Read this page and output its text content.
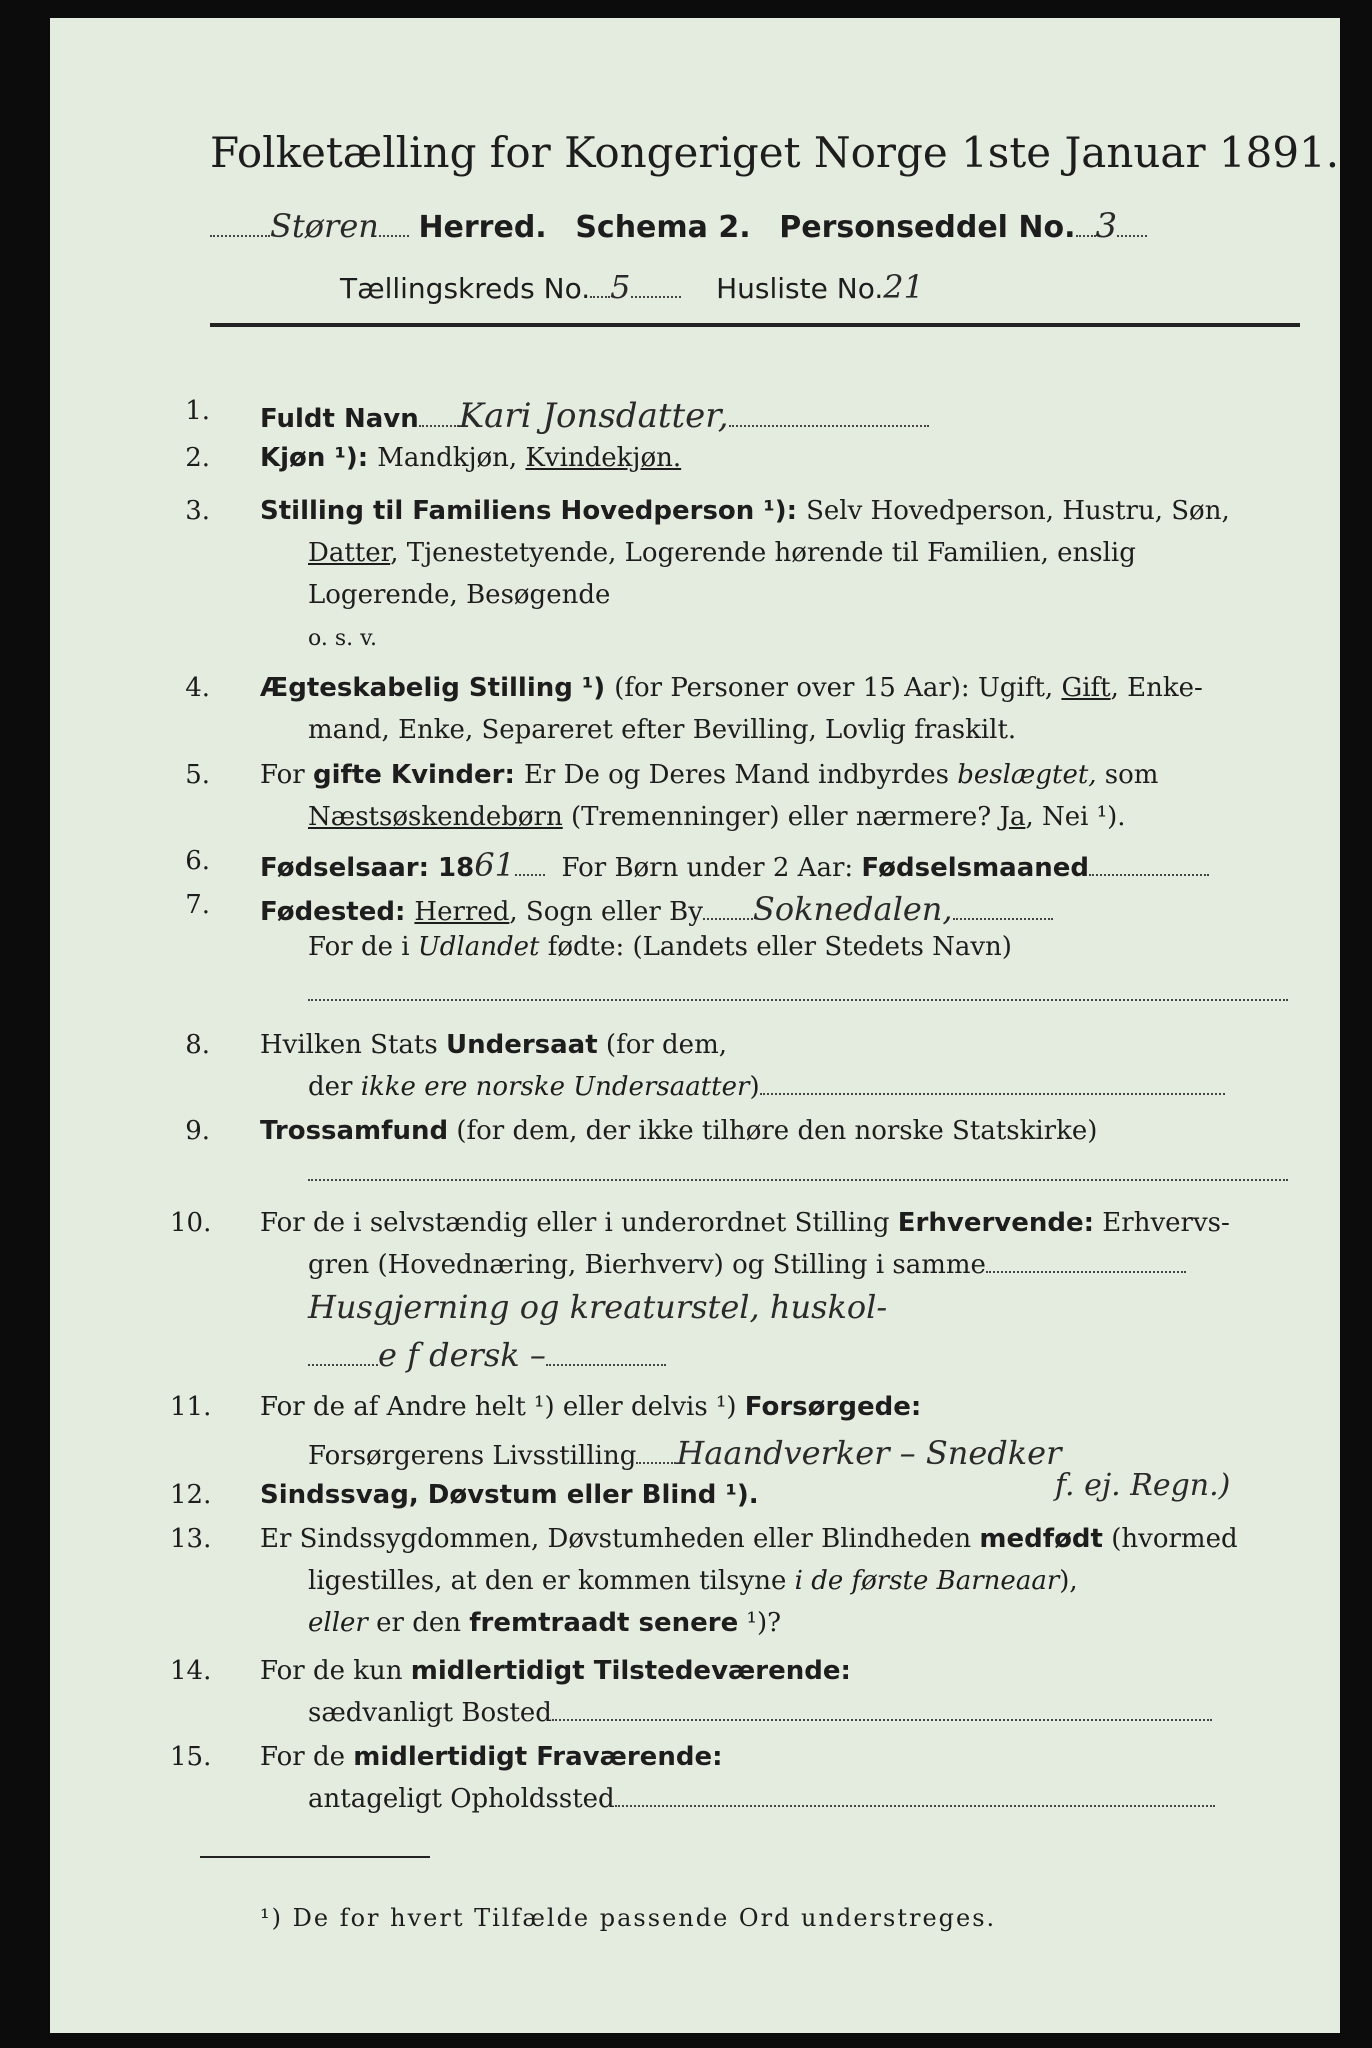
Folketælling for Kongeriget Norge 1ste Januar 1891.
Støren Herred. Schema 2. Personseddel No. 3
Tællingskreds No. 5	Husliste No.21
1. Fuldt Navn Kari Jonsdatter,
2. Kjøn ¹): Mandkjøn, Kvindekjøn.
3. Stilling til Familiens Hovedperson ¹): Selv Hovedperson, Hustru, Søn,
Datter, Tjenestetyende, Logerende hørende til Familien, enslig
Logerende, Besøgende
o. s. v.
4. Ægteskabelig Stilling ¹) (for Personer over 15 Aar): Ugift, Gift, Enke-
mand, Enke, Separeret efter Bevilling, Lovlig fraskilt.
5. For gifte Kvinder: Er De og Deres Mand indbyrdes beslægtet, som
Næstsøskendebørn (Tremenninger) eller nærmere? Ja, Nei ¹).
6. Fødselsaar: 1861 For Børn under 2 Aar: Fødselsmaaned
7. Fødested: Herred, Sogn eller By Soknedalen,
For de i Udlandet fødte: (Landets eller Stedets Navn)
8. Hvilken Stats Undersaat (for dem,
der ikke ere norske Undersaatter)
9. Trossamfund (for dem, der ikke tilhøre den norske Statskirke)
10. For de i selvstændig eller i underordnet Stilling Erhvervende: Erhvervs-
gren (Hovednæring, Bierhverv) og Stilling i samme
Husgjerning og kreaturstel, huskol-
e f dersk –
11. For de af Andre helt ¹) eller delvis ¹) Forsørgede:
Forsørgerens Livsstilling Haandverker – Snedker
12. Sindssvag, Døvstum eller Blind ¹).	f. ej. Regn.)
13. Er Sindssygdommen, Døvstumheden eller Blindheden medfødt (hvormed
ligestilles, at den er kommen tilsyne i de første Barneaar),
eller er den fremtraadt senere ¹)?
14. For de kun midlertidigt Tilstedeværende:
sædvanligt Bosted
15. For de midlertidigt Fraværende:
antageligt Opholdssted
¹) De for hvert Tilfælde passende Ord understreges.
